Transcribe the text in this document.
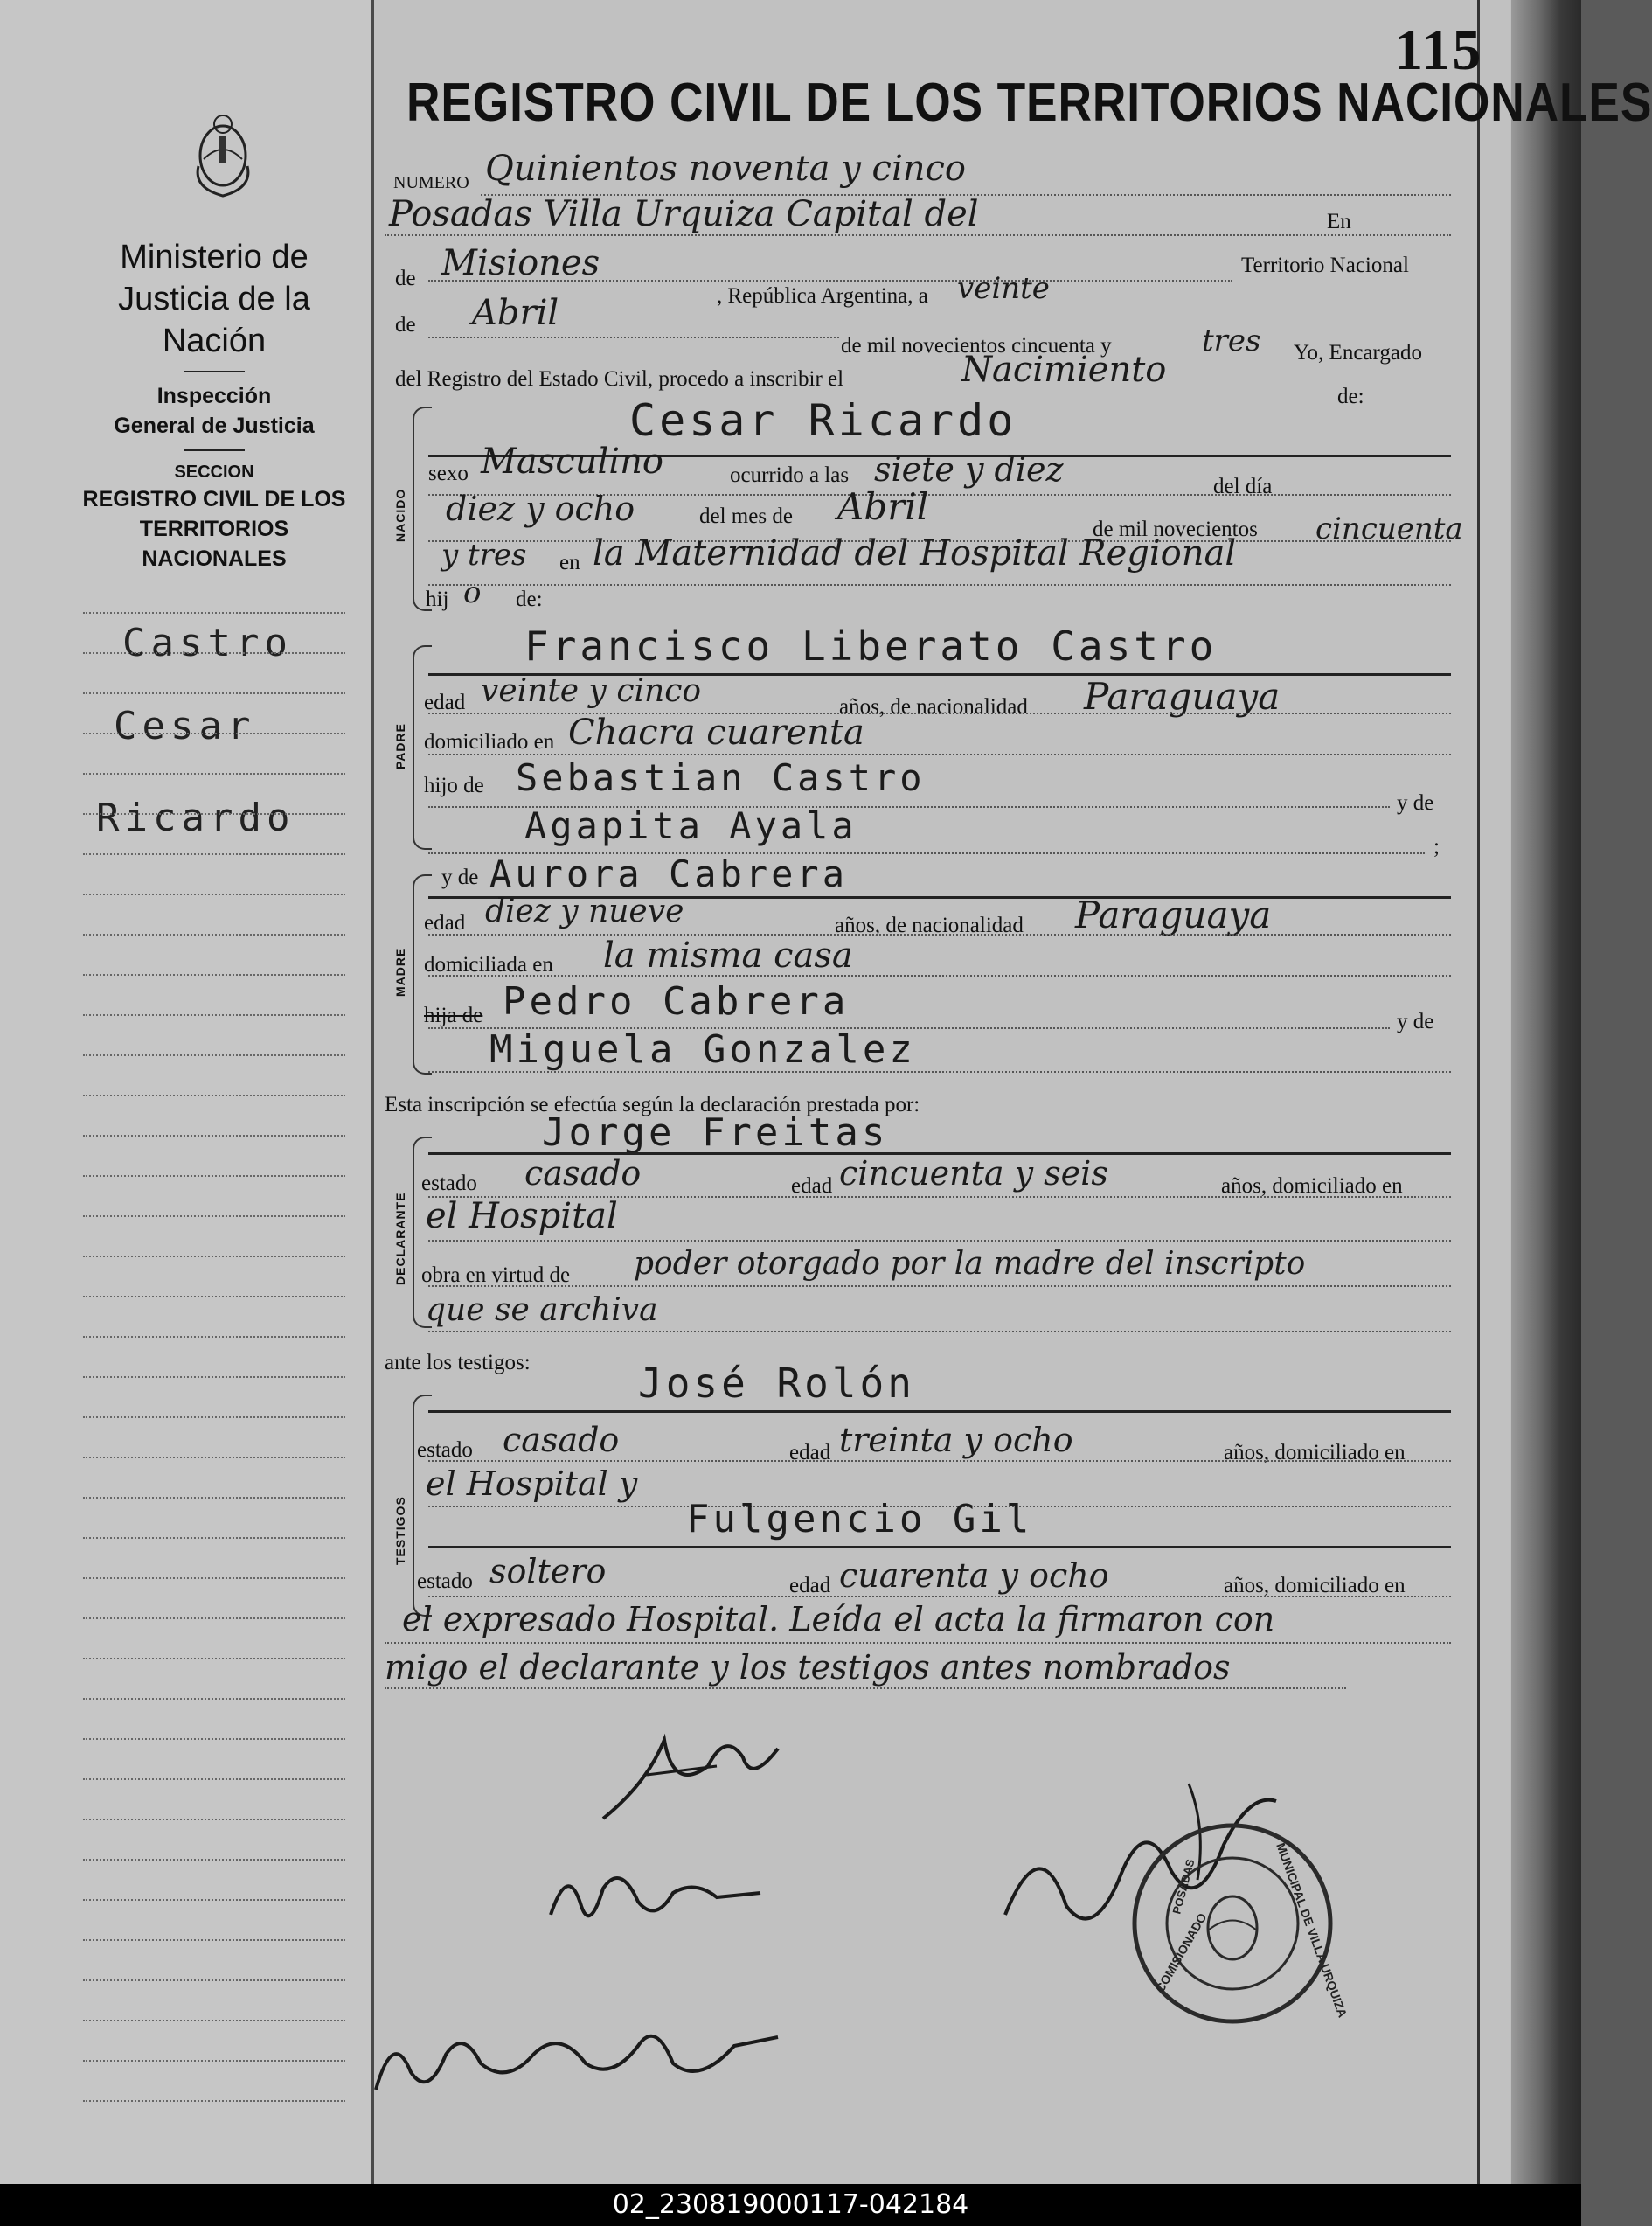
115
Ministerio de Justicia de la Nación
Inspección General de Justicia
SECCION
REGISTRO CIVIL DE LOS TERRITORIOS NACIONALES
Castro
Cesar
Ricardo
REGISTRO CIVIL DE LOS TERRITORIOS NACIONALES
NUMERO Quinientos noventa y cinco
Posadas Villa Urquiza Capital del	En
de Misiones	Territorio Nacional
, República Argentina, a veinte
de Abril
de mil novecientos cincuenta y	tres Yo, Encargado
del Registro del Estado Civil, procedo a inscribir el	Nacimiento
de:
NACIDO
Cesar Ricardo
sexo Masculino	ocurrido a las siete y diez	del día
diez y ocho	del mes de Abril
de mil novecientos cincuenta
y tres en la Maternidad del Hospital Regional
hij o de:
PADRE
Francisco Liberato Castro
edad veinte y cinco	años, de nacionalidad Paraguaya
domiciliado en Chacra cuarenta
hijo de Sebastian Castro
y de
Agapita Ayala	;
MADRE
y de Aurora Cabrera
edad diez y nueve	años, de nacionalidad Paraguaya
domiciliada en la misma casa
hija de Pedro Cabrera	y de
Miguela Gonzalez
Esta inscripción se efectúa según la declaración prestada por:
DECLARANTE
Jorge Freitas
estado casado	edad cincuenta y seis	años, domiciliado en
el Hospital
obra en virtud de poder otorgado por la madre del inscripto
que se archiva
ante los testigos:
TESTIGOS
José Rolón
estado casado	edad treinta y ocho	años, domiciliado en
el Hospital y
Fulgencio Gil
estado soltero	edad cuarenta y ocho	años, domiciliado en
el expresado Hospital. Leída el acta la firmaron con
migo el declarante y los testigos antes nombrados
COMISIONADO	MUNICIPAL DE VILLA URQUIZA
POSADAS
02_230819000117-042184
